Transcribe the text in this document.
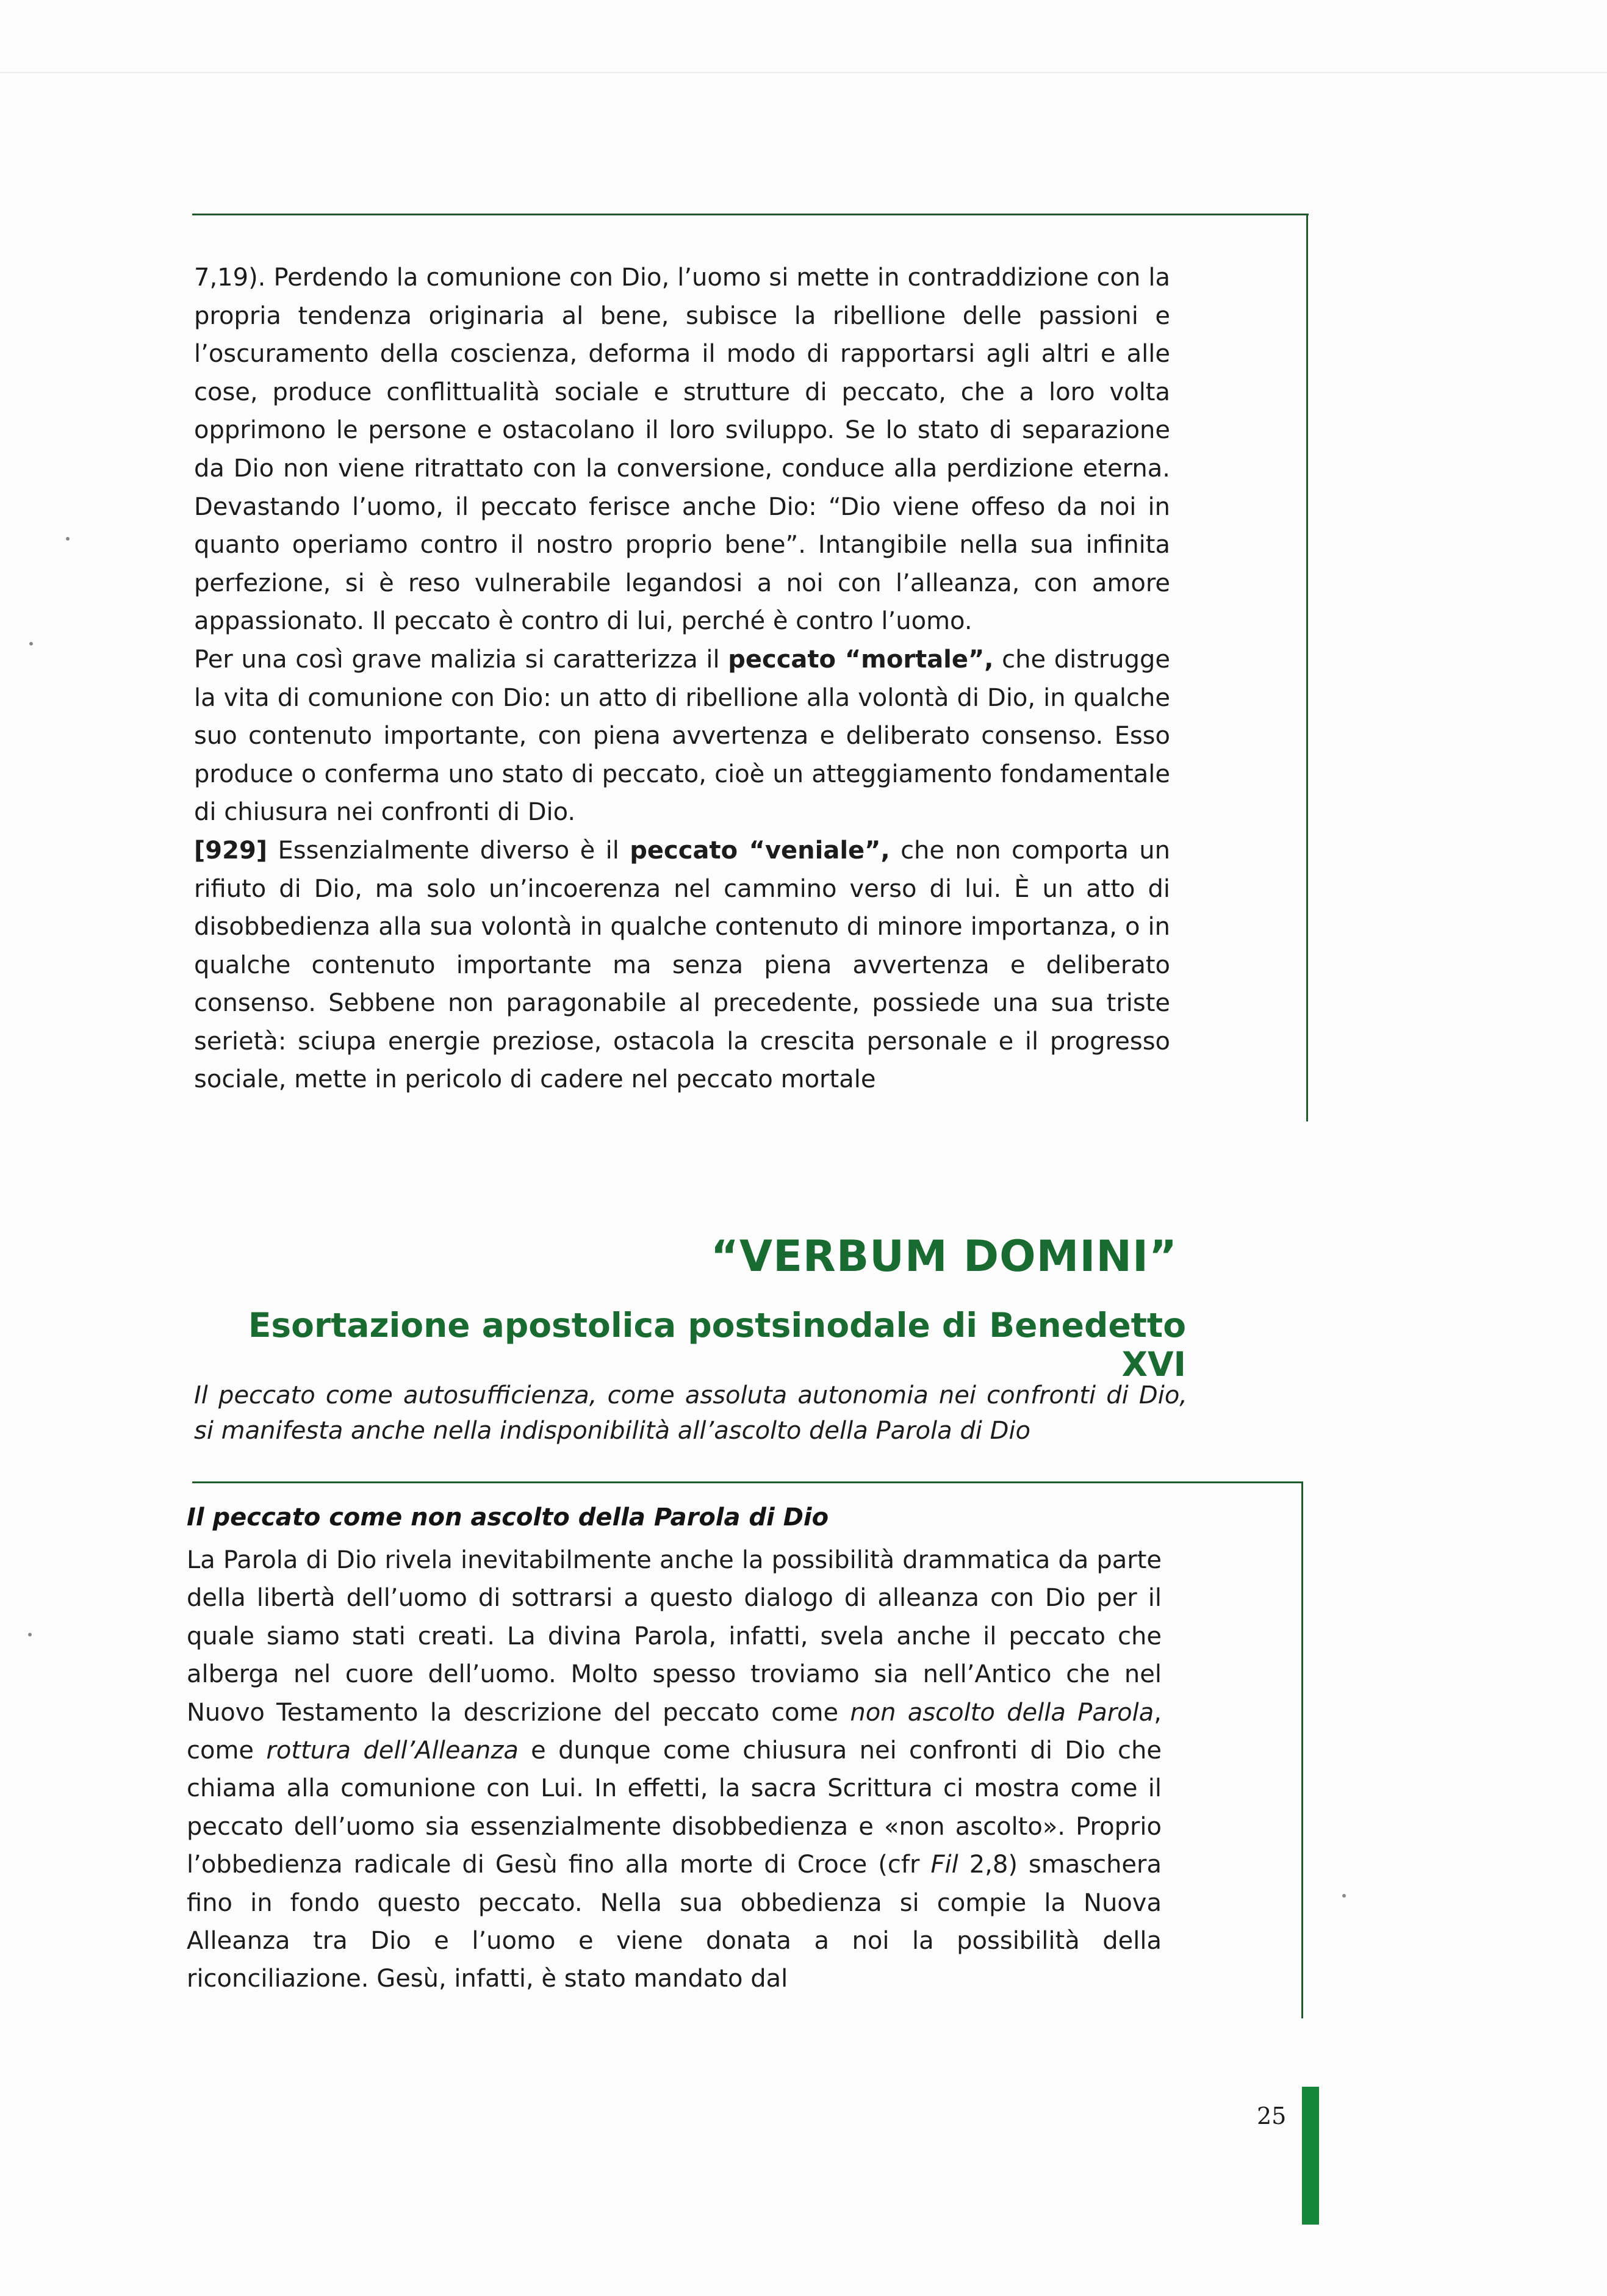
7,19). Perdendo la comunione con Dio, l’uomo si mette in contraddizione con la propria tendenza originaria al bene, subisce la ribellione delle passioni e l’oscuramento della coscienza, deforma il modo di rapportarsi agli altri e alle cose, produce conflittualità sociale e strutture di peccato, che a loro volta opprimono le persone e ostacolano il loro sviluppo. Se lo stato di separazione da Dio non viene ritrattato con la conversione, conduce alla perdizione eterna. Devastando l’uomo, il peccato ferisce anche Dio: “Dio viene offeso da noi in quanto operiamo contro il nostro proprio bene”. Intangibile nella sua infinita perfezione, si è reso vulnerabile legandosi a noi con l’alleanza, con amore appassionato. Il peccato è contro di lui, perché è contro l’uomo.

Per una così grave malizia si caratterizza il peccato “mortale”, che distrugge la vita di comunione con Dio: un atto di ribellione alla volontà di Dio, in qualche suo contenuto importante, con piena avvertenza e deliberato consenso. Esso produce o conferma uno stato di peccato, cioè un atteggiamento fondamentale di chiusura nei confronti di Dio.

[929] Essenzialmente diverso è il peccato “veniale”, che non comporta un rifiuto di Dio, ma solo un’incoerenza nel cammino verso di lui. È un atto di disobbedienza alla sua volontà in qualche contenuto di minore importanza, o in qualche contenuto importante ma senza piena avvertenza e deliberato consenso. Sebbene non paragonabile al precedente, possiede una sua triste serietà: sciupa energie preziose, ostacola la crescita personale e il progresso sociale, mette in pericolo di cadere nel peccato mortale

“VERBUM DOMINI”
Esortazione apostolica postsinodale di Benedetto XVI
Il peccato come autosufficienza, come assoluta autonomia nei confronti di Dio, si manifesta anche nella indisponibilità all’ascolto della Parola di Dio
Il peccato come non ascolto della Parola di Dio

La Parola di Dio rivela inevitabilmente anche la possibilità drammatica da parte della libertà dell’uomo di sottrarsi a questo dialogo di alleanza con Dio per il quale siamo stati creati. La divina Parola, infatti, svela anche il peccato che alberga nel cuore dell’uomo. Molto spesso troviamo sia nell’Antico che nel Nuovo Testamento la descrizione del peccato come non ascolto della Parola, come rottura dell’Alleanza e dunque come chiusura nei confronti di Dio che chiama alla comunione con Lui. In effetti, la sacra Scrittura ci mostra come il peccato dell’uomo sia essenzialmente disobbedienza e «non ascolto». Proprio l’obbedienza radicale di Gesù fino alla morte di Croce (cfr Fil 2,8) smaschera fino in fondo questo peccato. Nella sua obbedienza si compie la Nuova Alleanza tra Dio e l’uomo e viene donata a noi la possibilità della riconciliazione. Gesù, infatti, è stato mandato dal

25
